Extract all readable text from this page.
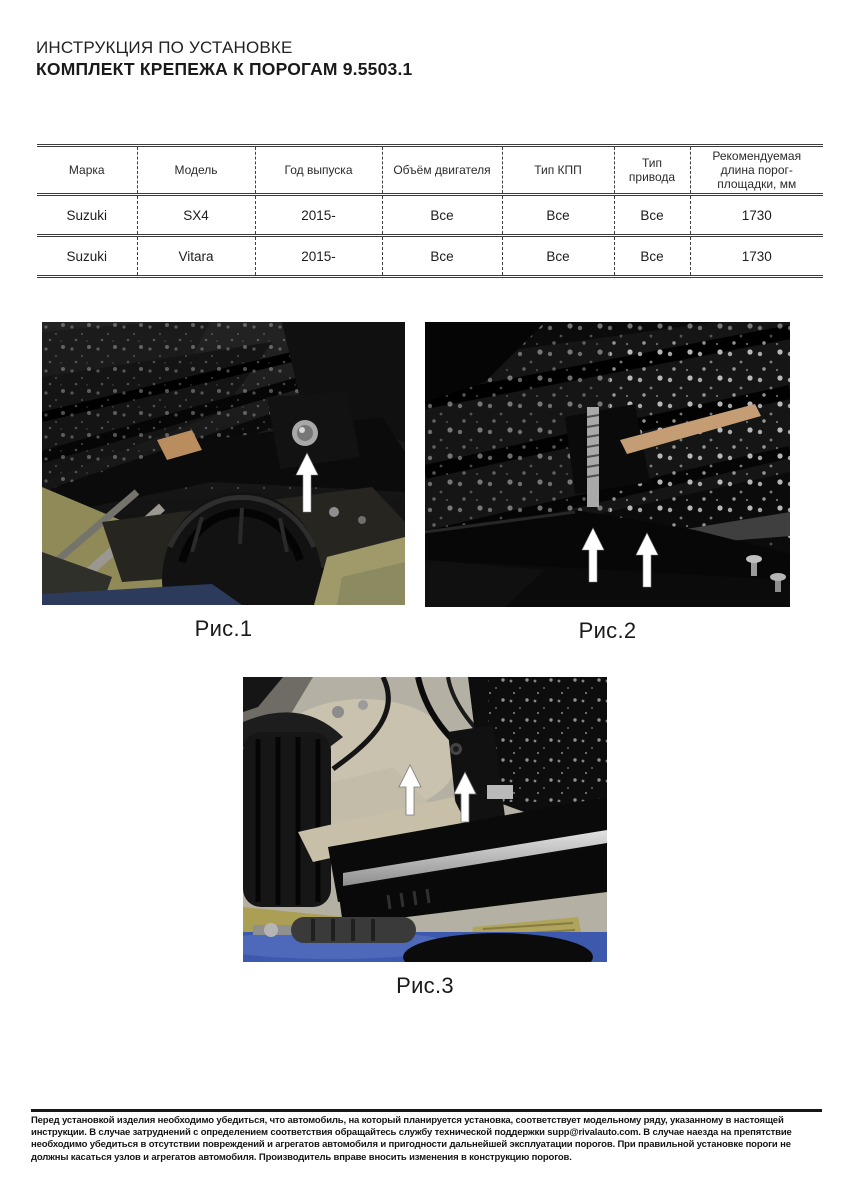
ИНСТРУКЦИЯ ПО УСТАНОВКЕ
КОМПЛЕКТ КРЕПЕЖА К ПОРОГАМ 9.5503.1
Марка	Модель	Год выпуска	Объём двигателя	Тип КПП	Тип привода	Рекомендуемая длина порог-площадки, мм
Suzuki	SX4	2015-	Все	Все	Все	1730
Suzuki	Vitara	2015-	Все	Все	Все	1730
Рис.1	Рис.2
Рис.3

Перед установкой изделия необходимо убедиться, что автомобиль, на который планируется установка, соответствует модельному ряду, указанному в настоящей инструкции. В случае затруднений с определением соответствия обращайтесь службу технической поддержки supp@rivalauto.com. В случае наезда на препятствие необходимо убедиться в отсутствии повреждений и агрегатов автомобиля и пригодности дальнейшей эксплуатации порогов. При правильной установке пороги не должны касаться узлов и агрегатов автомобиля. Производитель вправе вносить изменения в конструкцию порогов.
